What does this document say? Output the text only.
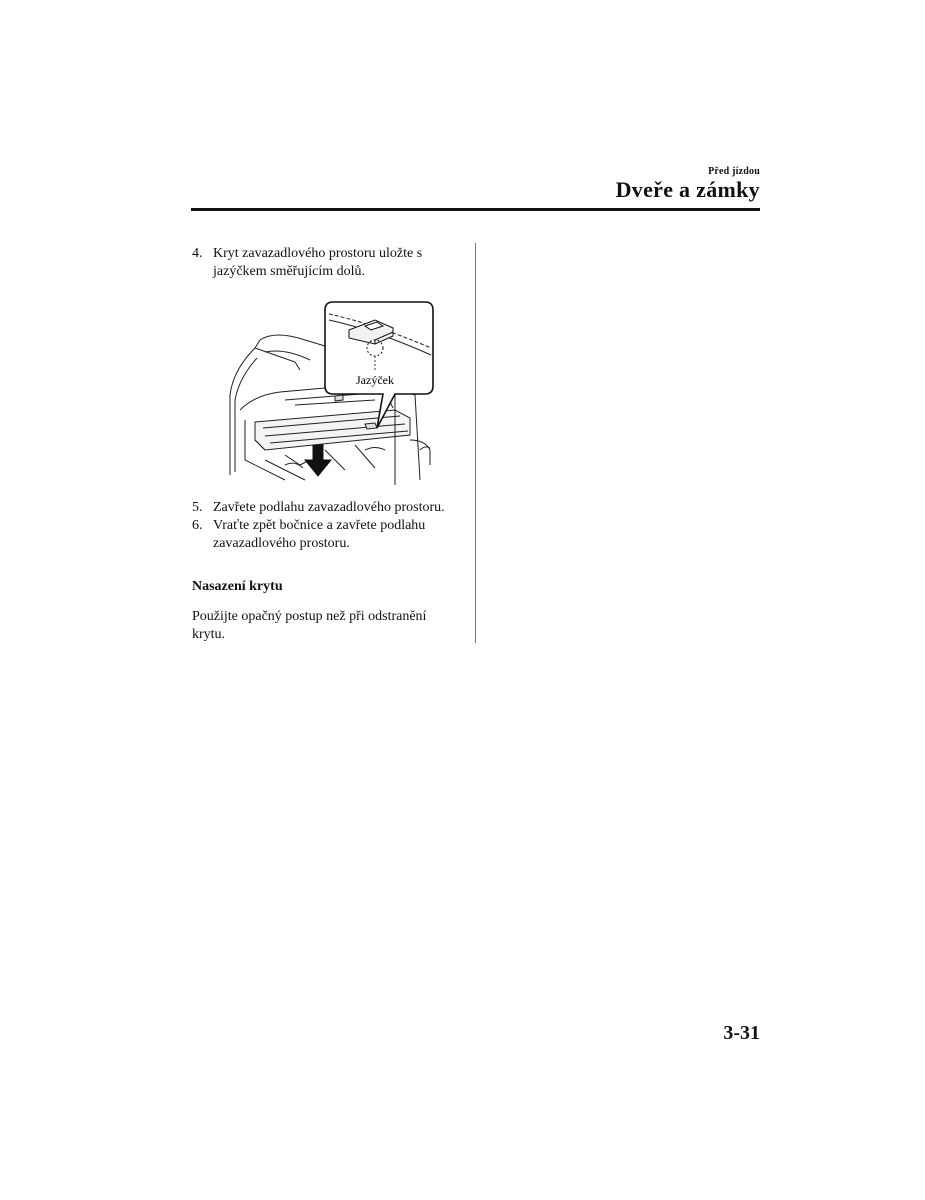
Před jízdou
Dveře a zámky
4. Kryt zavazadlového prostoru uložte s jazýčkem směřujícím dolů.
Jazýček
5. Zavřete podlahu zavazadlového prostoru.
6. Vraťte zpět bočnice a zavřete podlahu zavazadlového prostoru.
Nasazení krytu
Použijte opačný postup než při odstranění krytu.
3-31
